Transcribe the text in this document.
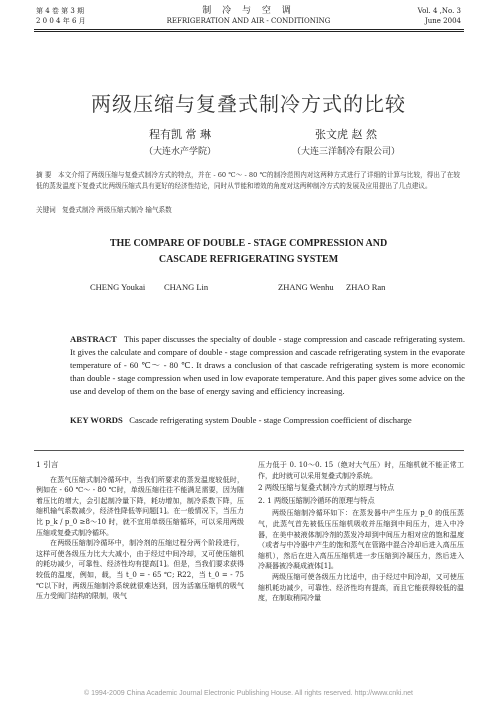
第 4 卷 第 3 期
2 0 0 4 年 6 月
制 冷 与 空 调
REFRIGERATION AND AIR - CONDITIONING
Vol. 4 ,No. 3
June 2004
两级压缩与复叠式制冷方式的比较
程有凯 常 琳
（大连水产学院）
张文虎 赵 然
（大连三洋制冷有限公司）
摘 要 本文介绍了两级压缩与复叠式制冷方式的特点，并在 - 60 ℃～ - 80 ℃的制冷范围内对这两种方式进行了详细的计算与比较，得出了在较低的蒸发温度下复叠式比两级压缩式具有更好的经济性结论，同时从节能和增效的角度对这两种制冷方式的发展及应用提出了几点建议。
关键词 复叠式制冷 两级压缩式制冷 输气系数
THE COMPARE OF DOUBLE - STAGE COMPRESSION AND
CASCADE REFRIGERATING SYSTEM
CHENG Youkai CHANG Lin	ZHANG Wenhu ZHAO Ran
ABSTRACT This paper discusses the specialty of double - stage compression and cascade refrigerating system. It gives the calculate and compare of double - stage compression and cascade refrigerating system in the evaporate temperature of - 60 ℃～ - 80 ℃. It draws a conclusion of that cascade refrigerating system is more economic than double - stage compression when used in low evaporate temperature. And this paper gives some advice on the use and develop of them on the base of energy saving and efficiency increasing.
KEY WORDS Cascade refrigerating system Double - stage Compression coefficient of discharge
1 引言

在蒸气压缩式制冷循环中，当我们所要求的蒸发温度较低时，例如在 - 60 ℃～ - 80 ℃时，单级压缩往往不能满足需要，因为随着压比的增大，会引起制冷量下降，耗功增加，制冷系数下降，压缩机输气系数减少，经济性降低等问题[1]。在一般情况下，当压力比 p_k / p_0 ≥8～10 时，就不宜用单级压缩循环，可以采用两级压缩或复叠式制冷循环。

在两级压缩制冷循环中，制冷剂的压缩过程分两个阶段进行，这样可使各级压力比大大减小，由于经过中间冷却，又可使压缩机的耗功减少，可靠性、经济性均有提高[1]。但是，当我们要求获得较低的温度，例如，载，当 t_0 = - 65 ℃; R22，当 t_0 = - 75 ℃以下时，两级压缩制冷系统就很难达到，因为活塞压缩机的吸气压力受阀门结构的限制，吸气

压力低于 0. 10～0. 15（绝对大气压）时，压缩机就不能正常工作，此时就可以采用复叠式制冷系统。

2 两级压缩与复叠式制冷方式的原理与特点
2. 1 两级压缩制冷循环的原理与特点

两级压缩制冷循环如下：在蒸发器中产生压力 p_0 的低压蒸气，此蒸气首先被低压压缩机吸收并压缩到中间压力，进入中冷器，在美中被液体制冷剂的蒸发冷却到中间压力相对应的饱和温度（或者与中冷器中产生的饱和蒸气在管路中混合冷却后进入高压压缩机），然后在进入高压压缩机进一步压缩到冷凝压力，然后进入冷凝器被冷凝成液体[1]。

两级压缩可使各级压力比适中，由于经过中间冷却，又可使压缩机耗功减少，可靠性、经济性均有提高，而且它能获得较低的温度，在制取稍同冷量

© 1994-2009 China Academic Journal Electronic Publishing House. All rights reserved. http://www.cnki.net
